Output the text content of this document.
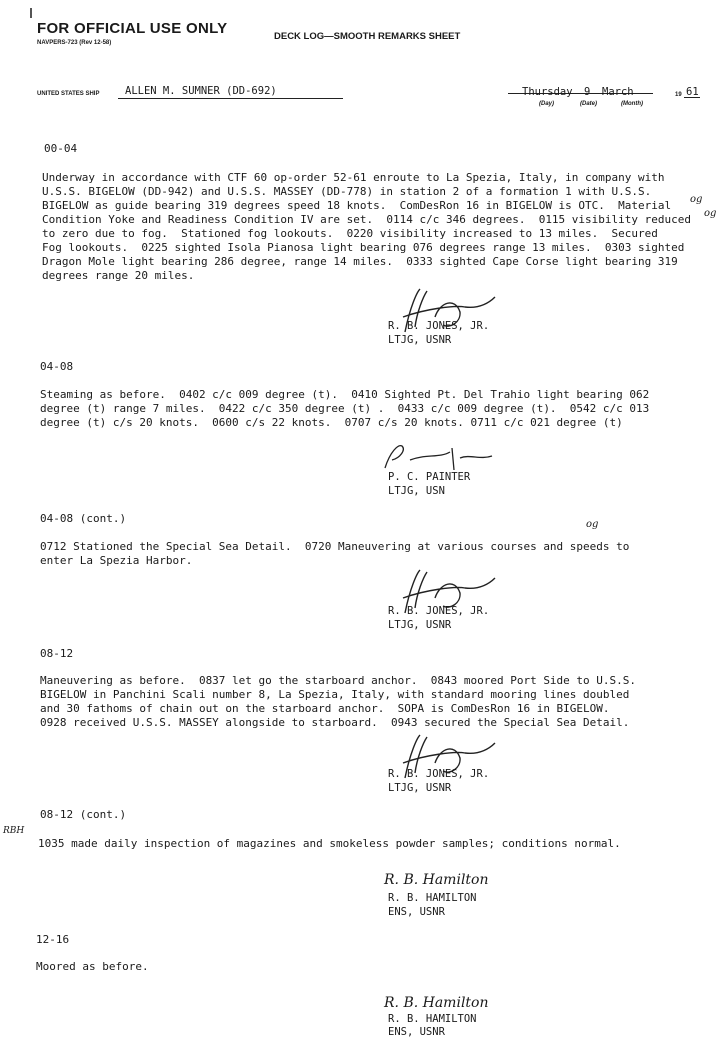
FOR OFFICIAL USE ONLY
NAVPERS-723 (Rev 12-58)
DECK LOG—SMOOTH REMARKS SHEET
UNITED STATES SHIP ALLEN M. SUMNER (DD-692)	Thursday 9 March	19 61
(Day)	(Date)	(Month)
00-04
Underway in accordance with CTF 60 op-order 52-61 enroute to La Spezia, Italy, in company with
U.S.S. BIGELOW (DD-942) and U.S.S. MASSEY (DD-778) in station 2 of a formation 1 with U.S.S.
BIGELOW as guide bearing 319 degrees speed 18 knots.  ComDesRon 16 in BIGELOW is OTC.  Material
Condition Yoke and Readiness Condition IV are set.  0114 c/c 346 degrees.  0115 visibility reduced
to zero due to fog.  Stationed fog lookouts.  0220 visibility increased to 13 miles.  Secured
Fog lookouts.  0225 sighted Isola Pianosa light bearing 076 degrees range 13 miles.  0303 sighted
Dragon Mole light bearing 286 degree, range 14 miles.  0333 sighted Cape Corse light bearing 319
degrees range 20 miles.
R. B. JONES, JR.
LTJG, USNR
04-08
Steaming as before.  0402 c/c 009 degree (t).  0410 Sighted Pt. Del Trahio light bearing 062
degree (t) range 7 miles.  0422 c/c 350 degree (t) .  0433 c/c 009 degree (t).  0542 c/c 013
degree (t) c/s 20 knots.  0600 c/s 22 knots.  0707 c/s 20 knots. 0711 c/c 021 degree (t)
P. C. PAINTER
LTJG, USN
04-08 (cont.)
0712 Stationed the Special Sea Detail.  0720 Maneuvering at various courses and speeds to
enter La Spezia Harbor.
R. B. JONES, JR.
LTJG, USNR
08-12
Maneuvering as before.  0837 let go the starboard anchor.  0843 moored Port Side to U.S.S.
BIGELOW in Panchini Scali number 8, La Spezia, Italy, with standard mooring lines doubled
and 30 fathoms of chain out on the starboard anchor.  SOPA is ComDesRon 16 in BIGELOW.
0928 received U.S.S. MASSEY alongside to starboard.  0943 secured the Special Sea Detail.
R. B. JONES, JR.
LTJG, USNR
RBH
08-12 (cont.)
1035 made daily inspection of magazines and smokeless powder samples; conditions normal.
R. B. Hamilton
R. B. HAMILTON
ENS, USNR
12-16
Moored as before.
R. B. Hamilton
R. B. HAMILTON
ENS, USNR
og
og
og
